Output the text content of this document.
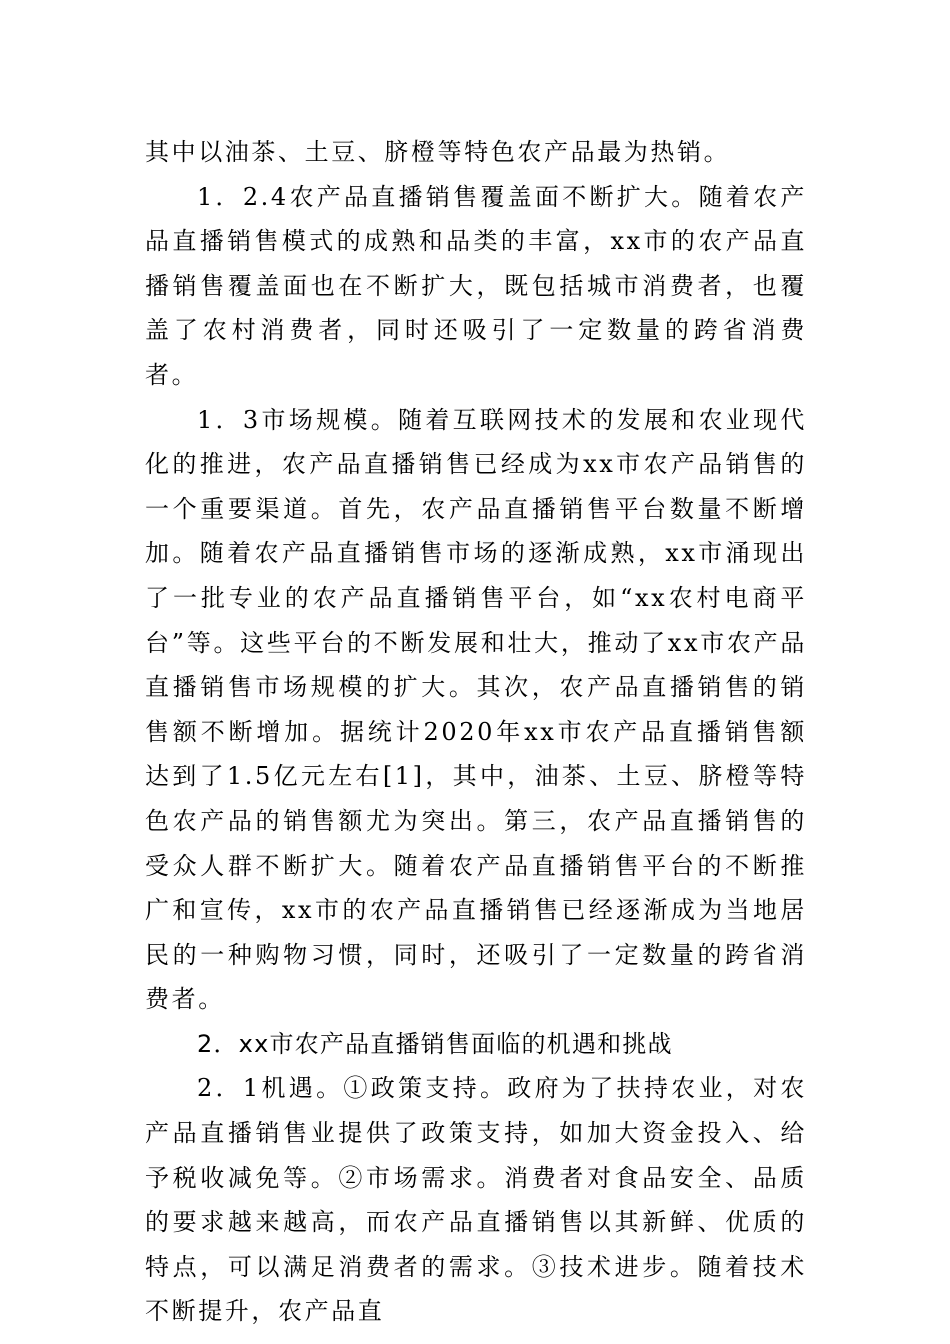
其中以油茶、土豆、脐橙等特色农产品最为热销。

1．2.4农产品直播销售覆盖面不断扩大。随着农产品直播销售模式的成熟和品类的丰富，xx市的农产品直播销售覆盖面也在不断扩大，既包括城市消费者，也覆盖了农村消费者，同时还吸引了一定数量的跨省消费者。

1．3市场规模。随着互联网技术的发展和农业现代化的推进，农产品直播销售已经成为xx市农产品销售的一个重要渠道。首先，农产品直播销售平台数量不断增加。随着农产品直播销售市场的逐渐成熟，xx市涌现出了一批专业的农产品直播销售平台，如“xx农村电商平台”等。这些平台的不断发展和壮大，推动了xx市农产品直播销售市场规模的扩大。其次，农产品直播销售的销售额不断增加。据统计2020年xx市农产品直播销售额达到了1.5亿元左右[1]，其中，油茶、土豆、脐橙等特色农产品的销售额尤为突出。第三，农产品直播销售的受众人群不断扩大。随着农产品直播销售平台的不断推广和宣传，xx市的农产品直播销售已经逐渐成为当地居民的一种购物习惯，同时，还吸引了一定数量的跨省消费者。

2．xx市农产品直播销售面临的机遇和挑战

2．1机遇。①政策支持。政府为了扶持农业，对农产品直播销售业提供了政策支持，如加大资金投入、给予税收减免等。②市场需求。消费者对食品安全、品质的要求越来越高，而农产品直播销售以其新鲜、优质的特点，可以满足消费者的需求。③技术进步。随着技术不断提升，农产品直
